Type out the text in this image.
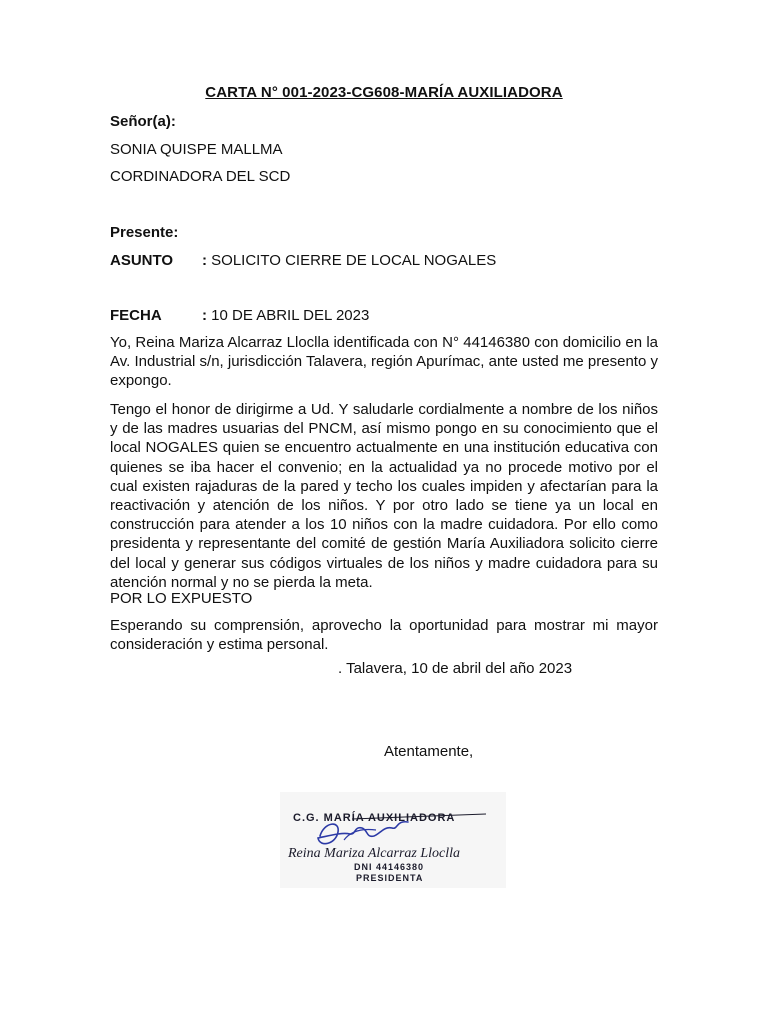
CARTA N° 001-2023-CG608-MARÍA AUXILIADORA
Señor(a):
SONIA QUISPE MALLMA
CORDINADORA DEL SCD
Presente:
ASUNTO : SOLICITO CIERRE DE LOCAL NOGALES
FECHA	: 10 DE ABRIL DEL 2023

Yo, Reina Mariza Alcarraz Lloclla identificada con N° 44146380 con domicilio en la Av. Industrial s/n, jurisdicción Talavera, región Apurímac, ante usted me presento y expongo.

Tengo el honor de dirigirme a Ud. Y saludarle cordialmente a nombre de los niños y de las madres usuarias del PNCM, así mismo pongo en su conocimiento que el local NOGALES quien se encuentro actualmente en una institución educativa con quienes se iba hacer el convenio; en la actualidad ya no procede motivo por el cual existen rajaduras de la pared y techo los cuales impiden y afectarían para la reactivación y atención de los niños. Y por otro lado se tiene ya un local en construcción para atender a los 10 niños con la madre cuidadora. Por ello como presidenta y representante del comité de gestión María Auxiliadora solicito cierre del local y generar sus códigos virtuales de los niños y madre cuidadora para su atención normal y no se pierda la meta.

POR LO EXPUESTO

Esperando su comprensión, aprovecho la oportunidad para mostrar mi mayor consideración y estima personal.

. Talavera, 10 de abril del año 2023
Atentamente,
C.G. MARÍA AUXILIADORA
Reina Mariza Alcarraz Lloclla
DNI 44146380
PRESIDENTA
